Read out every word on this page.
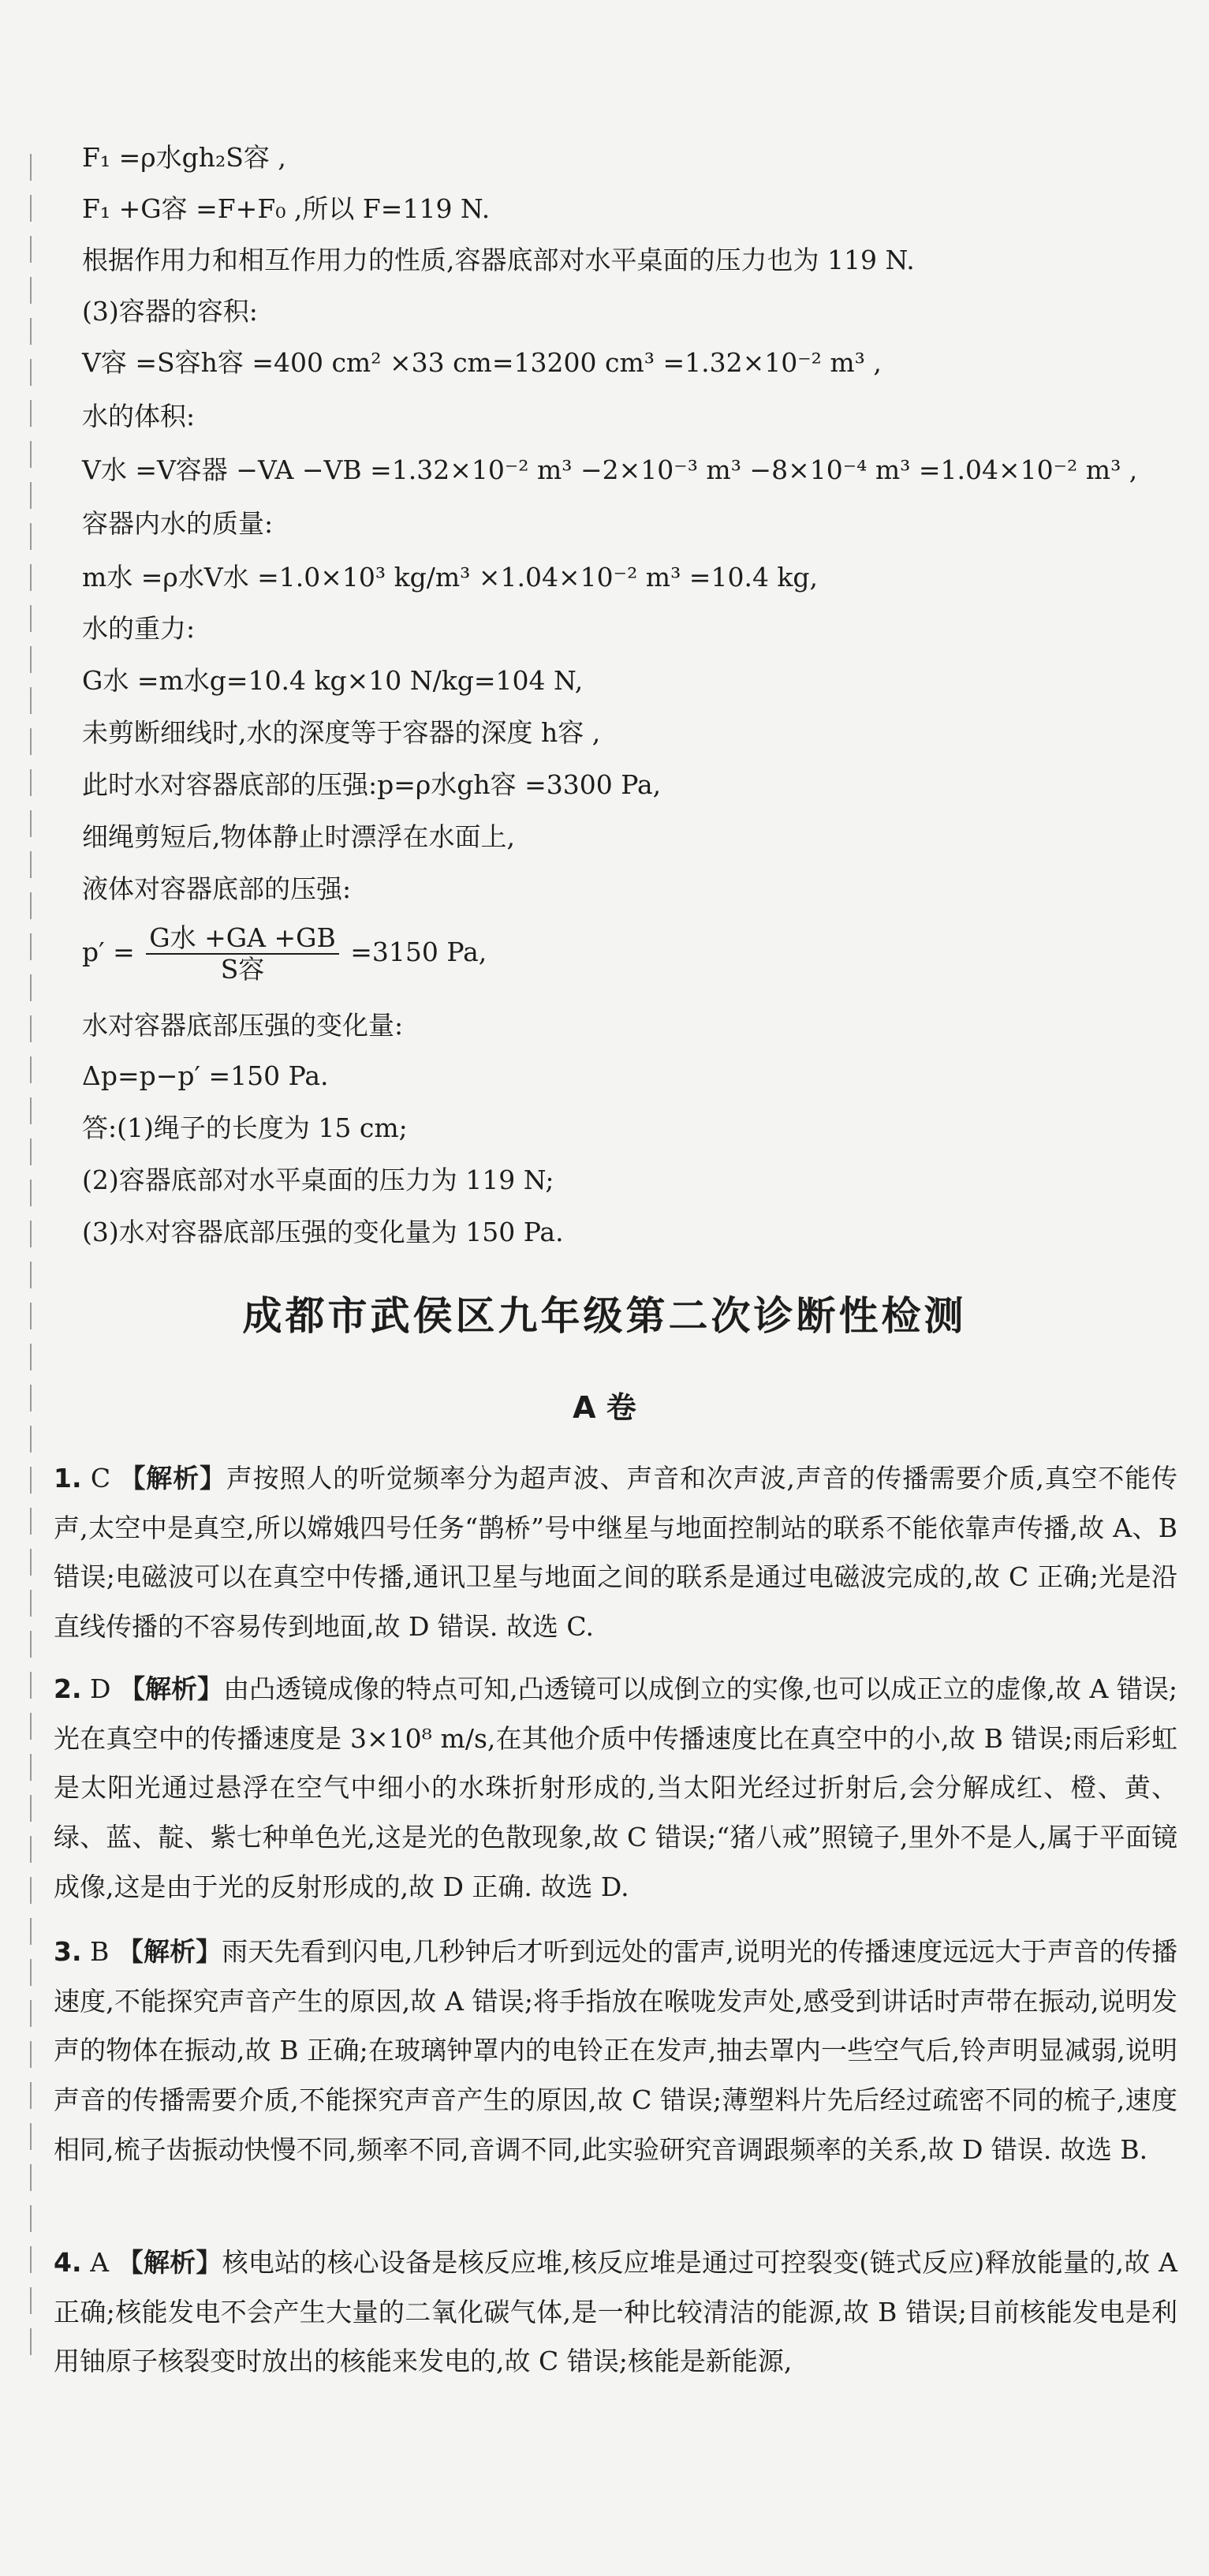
F₁ =ρ水gh₂S容 ,
F₁ +G容 =F+F₀ ,所以 F=119 N.
根据作用力和相互作用力的性质,容器底部对水平桌面的压力也为 119 N.
(3)容器的容积:
V容 =S容h容 =400 cm² ×33 cm=13200 cm³ =1.32×10⁻² m³ ,
水的体积:
V水 =V容器 −VA −VB =1.32×10⁻² m³ −2×10⁻³ m³ −8×10⁻⁴ m³ =1.04×10⁻² m³ ,
容器内水的质量:
m水 =ρ水V水 =1.0×10³ kg/m³ ×1.04×10⁻² m³ =10.4 kg,
水的重力:
G水 =m水g=10.4 kg×10 N/kg=104 N,
未剪断细线时,水的深度等于容器的深度 h容 ,
此时水对容器底部的压强:p=ρ水gh容 =3300 Pa,
细绳剪短后,物体静止时漂浮在水面上,
液体对容器底部的压强:
$p' = \frac{\text{G水 +GA +GB}}{\text{S容}} =3150$ Pa,
水对容器底部压强的变化量:
Δp=p−p′ =150 Pa.
答:(1)绳子的长度为 15 cm;
(2)容器底部对水平桌面的压力为 119 N;
(3)水对容器底部压强的变化量为 150 Pa.
成都市武侯区九年级第二次诊断性检测
A 卷
1. C 【解析】声按照人的听觉频率分为超声波、声音和次声波,声音的传播需要介质,真空不能传声,太空中是真空,所以嫦娥四号任务“鹊桥”号中继星与地面控制站的联系不能依靠声传播,故 A、B 错误;电磁波可以在真空中传播,通讯卫星与地面之间的联系是通过电磁波完成的,故 C 正确;光是沿直线传播的不容易传到地面,故 D 错误. 故选 C.
2. D 【解析】由凸透镜成像的特点可知,凸透镜可以成倒立的实像,也可以成正立的虚像,故 A 错误;光在真空中的传播速度是 3×10⁸ m/s,在其他介质中传播速度比在真空中的小,故 B 错误;雨后彩虹是太阳光通过悬浮在空气中细小的水珠折射形成的,当太阳光经过折射后,会分解成红、橙、黄、绿、蓝、靛、紫七种单色光,这是光的色散现象,故 C 错误;“猪八戒”照镜子,里外不是人,属于平面镜成像,这是由于光的反射形成的,故 D 正确. 故选 D.
3. B 【解析】雨天先看到闪电,几秒钟后才听到远处的雷声,说明光的传播速度远远大于声音的传播速度,不能探究声音产生的原因,故 A 错误;将手指放在喉咙发声处,感受到讲话时声带在振动,说明发声的物体在振动,故 B 正确;在玻璃钟罩内的电铃正在发声,抽去罩内一些空气后,铃声明显减弱,说明声音的传播需要介质,不能探究声音产生的原因,故 C 错误;薄塑料片先后经过疏密不同的梳子,速度相同,梳子齿振动快慢不同,频率不同,音调不同,此实验研究音调跟频率的关系,故 D 错误. 故选 B.
4. A 【解析】核电站的核心设备是核反应堆,核反应堆是通过可控裂变(链式反应)释放能量的,故 A 正确;核能发电不会产生大量的二氧化碳气体,是一种比较清洁的能源,故 B 错误;目前核能发电是利用铀原子核裂变时放出的核能来发电的,故 C 错误;核能是新能源,
